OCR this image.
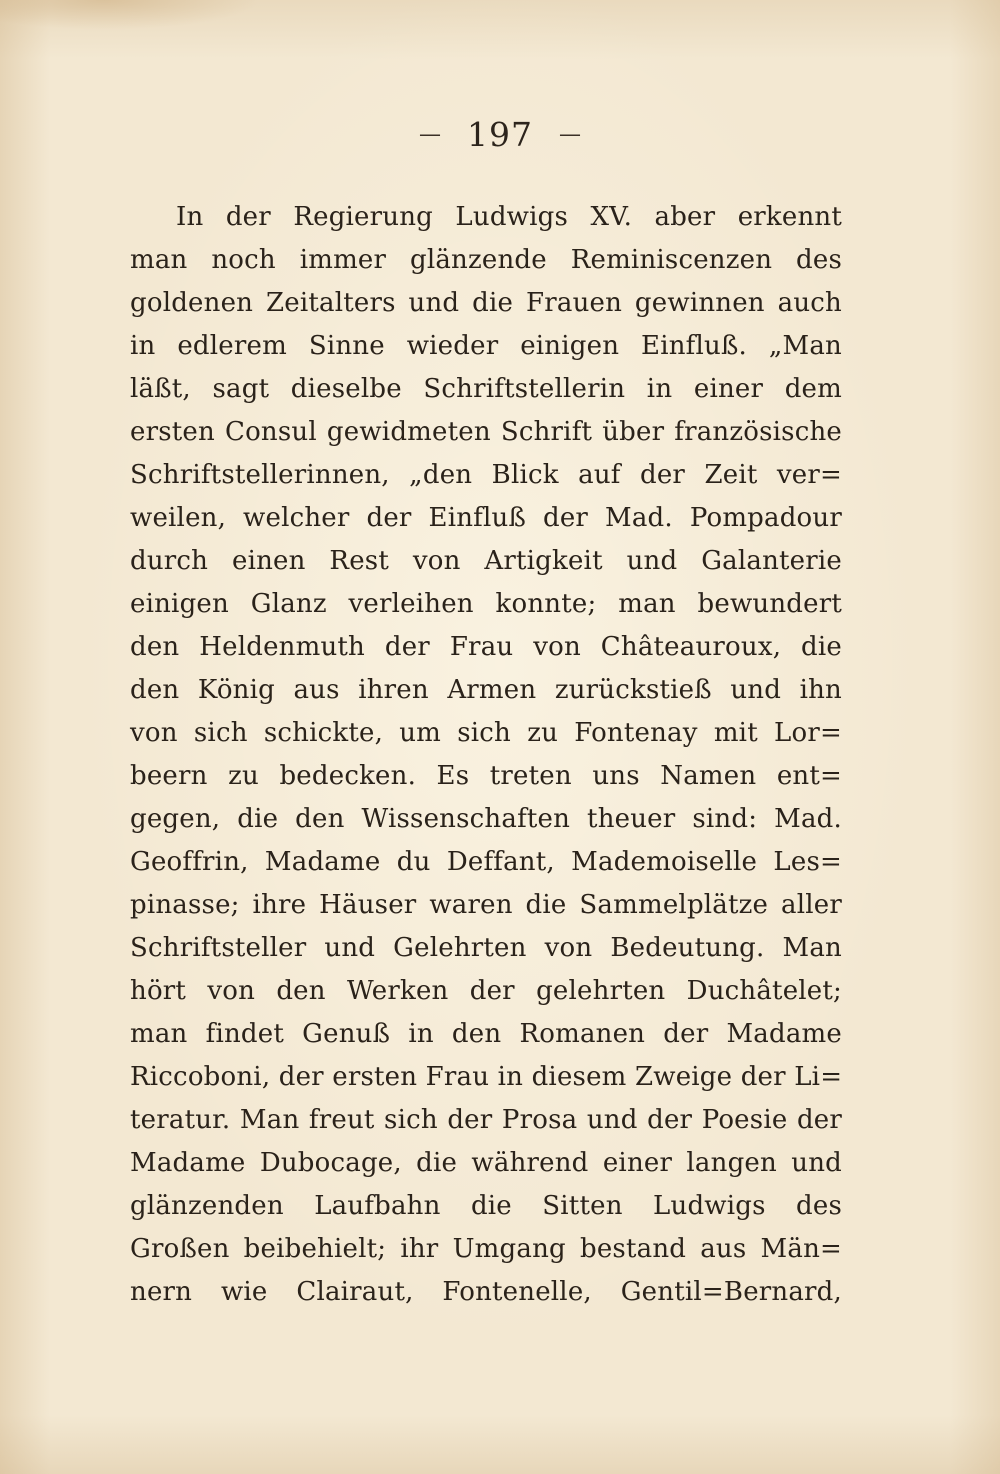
— 197 —
In der Regierung Ludwigs XV. aber erkennt
man noch immer glänzende Reminiscenzen des
goldenen Zeitalters und die Frauen gewinnen auch
in edlerem Sinne wieder einigen Einfluß. „Man
läßt, sagt dieselbe Schriftstellerin in einer dem
ersten Consul gewidmeten Schrift über französische
Schriftstellerinnen, „den Blick auf der Zeit ver=
weilen, welcher der Einfluß der Mad. Pompadour
durch einen Rest von Artigkeit und Galanterie
einigen Glanz verleihen konnte; man bewundert
den Heldenmuth der Frau von Châteauroux, die
den König aus ihren Armen zurückstieß und ihn
von sich schickte, um sich zu Fontenay mit Lor=
beern zu bedecken. Es treten uns Namen ent=
gegen, die den Wissenschaften theuer sind: Mad.
Geoffrin, Madame du Deffant, Mademoiselle Les=
pinasse; ihre Häuser waren die Sammelplätze aller
Schriftsteller und Gelehrten von Bedeutung. Man
hört von den Werken der gelehrten Duchâtelet;
man findet Genuß in den Romanen der Madame
Riccoboni, der ersten Frau in diesem Zweige der Li=
teratur. Man freut sich der Prosa und der Poesie der
Madame Dubocage, die während einer langen und
glänzenden Laufbahn die Sitten Ludwigs des
Großen beibehielt; ihr Umgang bestand aus Män=
nern wie Clairaut, Fontenelle, Gentil=Bernard,
